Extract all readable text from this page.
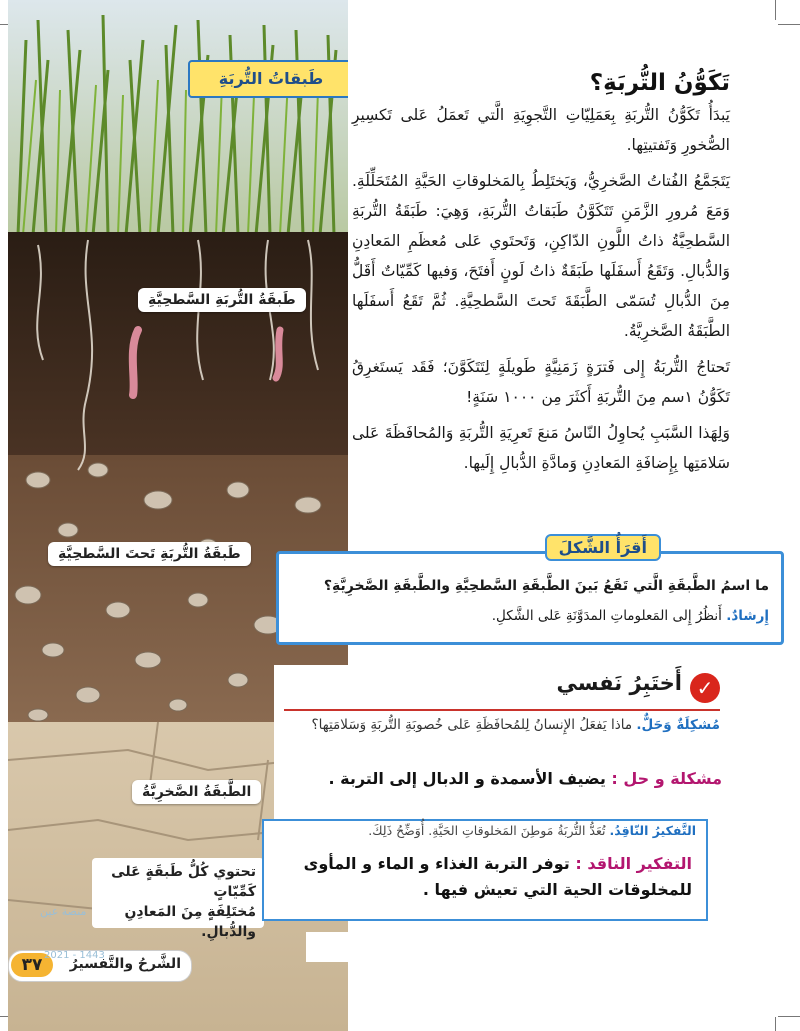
طَبقاتُ التُّربَةِ
طَبقَةُ التُّربَةِ السَّطحِيَّةِ
طَبقَةُ التُّربَةِ تَحتَ السَّطحِيَّةِ
الطَّبقَةُ الصَّخرِيَّةُ
تَكَوُّنُ التُّربَةِ؟

يَبدَأُ تَكَوُّنُ التُّربَةِ بِعَمَلِيّاتِ التَّجوِيَةِ الَّتي تَعمَلُ عَلى تَكسِيرِ الصُّخورِ وَتَفتيتِها.

يَتَجَمَّعُ الفُتاتُ الصَّخرِيُّ، وَيَختَلِطُ بِالمَخلوقاتِ الحَيَّةِ المُتَحَلِّلَةِ. وَمَعَ مُرورِ الزَّمَنِ تَتَكَوَّنُ طَبَقاتُ التُّربَةِ، وَهِيَ: طَبَقَةُ التُّربَةِ السَّطحِيَّةُ ذاتُ اللَّونِ الدّاكِنِ، وَتَحتَوي عَلى مُعظَمِ المَعادِنِ وَالدُّبالِ. وَتَقَعُ أَسفَلَها طَبَقَةٌ ذاتُ لَونٍ أَفتَحَ، وَفيها كَمِّيّاتٌ أَقَلُّ مِنَ الدُّبالِ تُسَمّى الطَّبَقَةَ تَحتَ السَّطحِيَّةِ. ثُمَّ تَقَعُ أَسفَلَها الطَّبَقَةُ الصَّخرِيَّةُ.

تَحتاجُ التُّربَةُ إِلى فَترَةٍ زَمَنِيَّةٍ طَويلَةٍ لِتَتَكَوَّنَ؛ فَقَد يَستَغرِقُ تَكَوُّنُ ١سم مِنَ التُّربَةِ أَكثَرَ مِن ١٠٠٠ سَنَةٍ!

وَلِهَذا السَّبَبِ يُحاوِلُ النّاسُ مَنعَ تَعرِيَةِ التُّربَةِ وَالمُحافَظَةَ عَلى سَلامَتِها بِإِضافَةِ المَعادِنِ وَمادَّةِ الدُّبالِ إِلَيها.

أَقرَأُ الشَّكلَ
ما اسمُ الطَّبقَةِ الَّتي تَقَعُ بَينَ الطَّبقَةِ السَّطحِيَّةِ والطَّبقَةِ الصَّخرِيَّةِ؟
إِرشادٌ. أَنظُرُ إِلى المَعلوماتِ المدَوَّنَةِ عَلى الشَّكلِ.
✓
أَختَبِرُ نَفسي
مُشكِلَةٌ وَحَلٌّ. ماذا يَفعَلُ الإِنسانُ لِلمُحافَظَةِ عَلى خُصوبَةِ التُّربَةِ وَسَلامَتِها؟
مشكلة و حل : يضيف الأسمدة و الدبال إلى التربة .
تحتوي كُلُّ طَبقَةٍ عَلى كَمِّيّاتٍ
مُختَلِفَةٍ مِنَ المَعادِنِ والدُّبالِ.
التَّفكيرُ النّاقِدُ. تُعَدُّ التُّربَةُ مَوطِنَ المَخلوقاتِ الحَيَّةِ. أُوَضِّحُ ذَلِكَ.
التفكير الناقد : توفر التربة الغذاء و الماء و المأوى للمخلوقات الحية التي تعيش فيها .
منصة عين
٣٧	الشَّرحُ والتَّفسيرُ
2021 - 1443
